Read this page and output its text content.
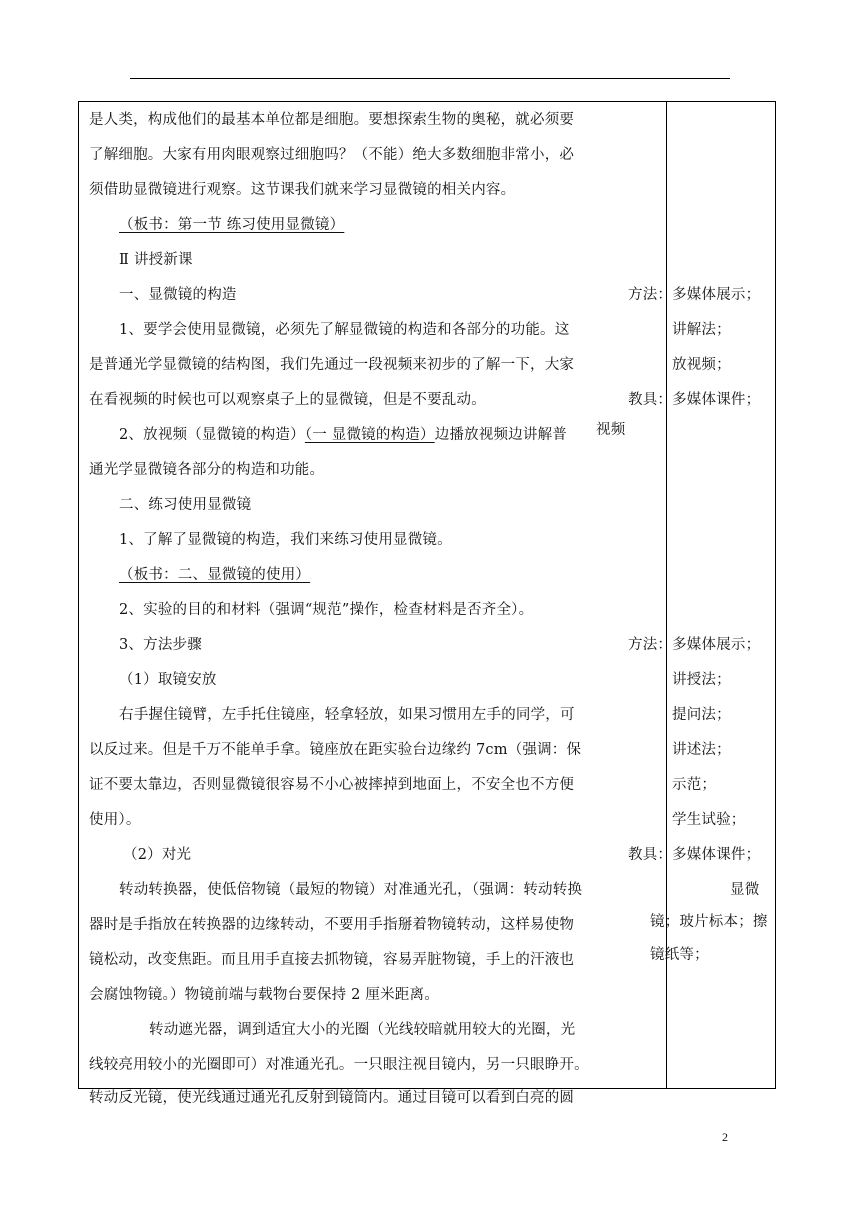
是人类，构成他们的最基本单位都是细胞。要想探索生物的奥秘，就必须要
了解细胞。大家有用肉眼观察过细胞吗？（不能）绝大多数细胞非常小，必
须借助显微镜进行观察。这节课我们就来学习显微镜的相关内容。
（板书：第一节 练习使用显微镜）
Ⅱ 讲授新课
一、显微镜的构造
1、要学会使用显微镜，必须先了解显微镜的构造和各部分的功能。这
是普通光学显微镜的结构图，我们先通过一段视频来初步的了解一下，大家
在看视频的时候也可以观察桌子上的显微镜，但是不要乱动。
2、放视频（显微镜的构造）（一 显微镜的构造）边播放视频边讲解普
通光学显微镜各部分的构造和功能。
二、练习使用显微镜
1、了解了显微镜的构造，我们来练习使用显微镜。
（板书：二、显微镜的使用）
2、实验的目的和材料（强调“规范”操作，检查材料是否齐全）。
3、方法步骤
（1）取镜安放
右手握住镜臂，左手托住镜座，轻拿轻放，如果习惯用左手的同学，可
以反过来。但是千万不能单手拿。镜座放在距实验台边缘约 7cm（强调：保
证不要太靠边，否则显微镜很容易不小心被摔掉到地面上，不安全也不方便
使用）。
（2）对光
转动转换器，使低倍物镜（最短的物镜）对准通光孔，（强调：转动转换
器时是手指放在转换器的边缘转动，不要用手指掰着物镜转动，这样易使物
镜松动，改变焦距。而且用手直接去抓物镜，容易弄脏物镜，手上的汗液也
会腐蚀物镜。）物镜前端与载物台要保持 2 厘米距离。
转动遮光器，调到适宜大小的光圈（光线较暗就用较大的光圈，光
线较亮用较小的光圈即可）对准通光孔。一只眼注视目镜内，另一只眼睁开。
转动反光镜，使光线通过通光孔反射到镜筒内。通过目镜可以看到白亮的圆
方法：多媒体展示；
讲解法；
放视频；
教具：多媒体课件；
视频
方法：多媒体展示；
讲授法；
提问法；
讲述法；
示范；
学生试验；
教具：多媒体课件；
显微
镜；玻片标本；擦
镜纸等；
2
